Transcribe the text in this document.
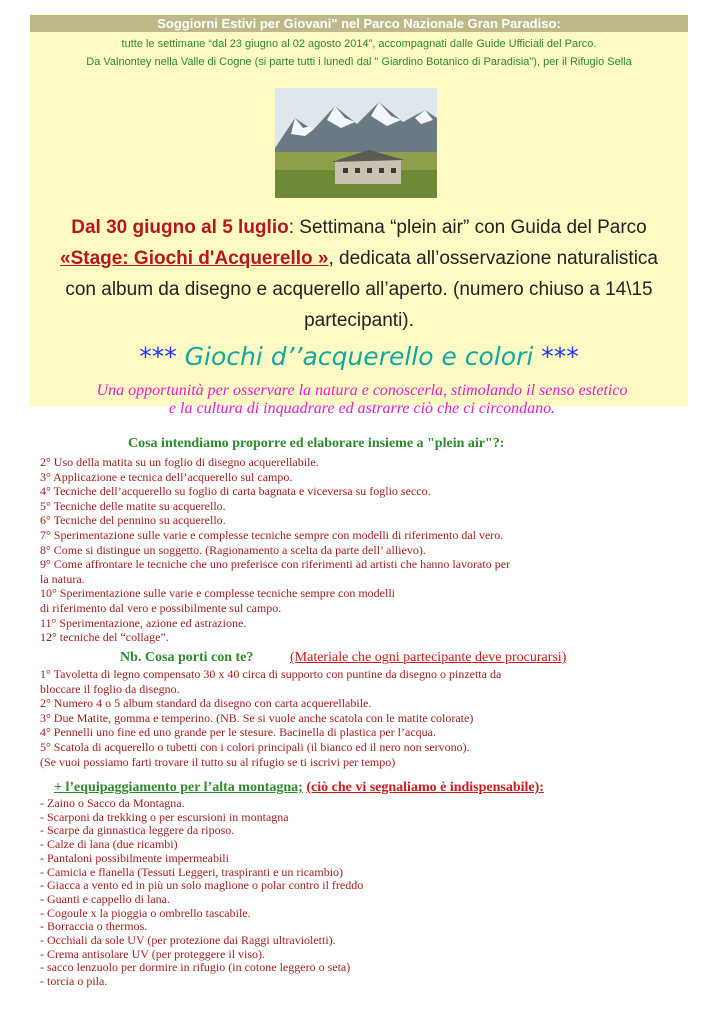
Soggiorni Estivi per Giovani" nel Parco Nazionale Gran Paradiso:
tutte le settimane “dal 23 giugno al 02 agosto 2014”, accompagnati dalle Guide Ufficiali del Parco.
Da Valnontey nella Valle di Cogne (si parte tutti i lunedì dal " Giardino Botanico di Paradisia"), per il Rifugio Sella
Dal 30 giugno al 5 luglio: Settimana “plein air” con Guida del Parco
«Stage: Giochi d'Acquerello », dedicata all’osservazione naturalistica
con album da disegno e acquerello all’aperto. (numero chiuso a 14\15
partecipanti).
*** Giochi d’’acquerello e colori ***
Una opportunità per osservare la natura e conoscerla, stimolando il senso estetico
e la cultura di inquadrare ed astrarre ciò che ci circondano.
Cosa intendiamo proporre ed elaborare insieme a "plein air"?:
2° Uso della matita su un foglio di disegno acquerellabile.
3° Applicazione e tecnica dell’acquerello sul campo.
4° Tecniche dell’acquerello su foglio di carta bagnata e viceversa su foglio secco.
5° Tecniche delle matite su acquerello.
6° Tecniche del pennino su acquerello.
7° Sperimentazione sulle varie e complesse tecniche sempre con modelli di riferimento dal vero.
8° Come si distingue un soggetto. (Ragionamento a scelta da parte dell’ allievo).
9° Come affrontare le tecniche che uno preferisce con riferimenti ad artisti che hanno lavorato per
la natura.
10° Sperimentazione sulle varie e complesse tecniche sempre con modelli
di riferimento dal vero e possibilmente sul campo.
11° Sperimentazione, azione ed astrazione.
12° tecniche del “collage”.
Nb. Cosa porti con te?	(Materiale che ogni partecipante deve procurarsi)
1° Tavoletta di legno compensato 30 x 40 circa di supporto con puntine da disegno o pinzetta da
bloccare il foglio da disegno.
2° Numero 4 o 5 album standard da disegno con carta acquerellabile.
3° Due Matite, gomma e temperino. (NB. Se si vuole anche scatola con le matite colorate)
4° Pennelli uno fine ed uno grande per le stesure. Bacinella di plastica per l’acqua.
5° Scatola di acquerello o tubetti con i colori principali (il bianco ed il nero non servono).
(Se vuoi possiamo farti trovare il tutto su al rifugio se ti iscrivi per tempo)
+ l’equipaggiamento per l’alta montagna; (ciò che vi segnaliamo è indispensabile):
- Zaino o Sacco da Montagna.
- Scarponi da trekking o per escursioni in montagna
- Scarpe da ginnastica leggere da riposo.
- Calze di lana (due ricambi)
- Pantaloni possibilmente impermeabili
- Camicia e flanella (Tessuti Leggeri, traspiranti e un ricambio)
- Giacca a vento ed in più un solo maglione o polar contro il freddo
- Guanti e cappello di lana.
- Cogoule x la pioggia o ombrello tascabile.
- Borraccia o thermos.
- Occhiali da sole UV (per protezione dai Raggi ultravioletti).
- Crema antisolare UV (per proteggere il viso).
- sacco lenzuolo per dormire in rifugio (in cotone leggero o seta)
- torcia o pila.
